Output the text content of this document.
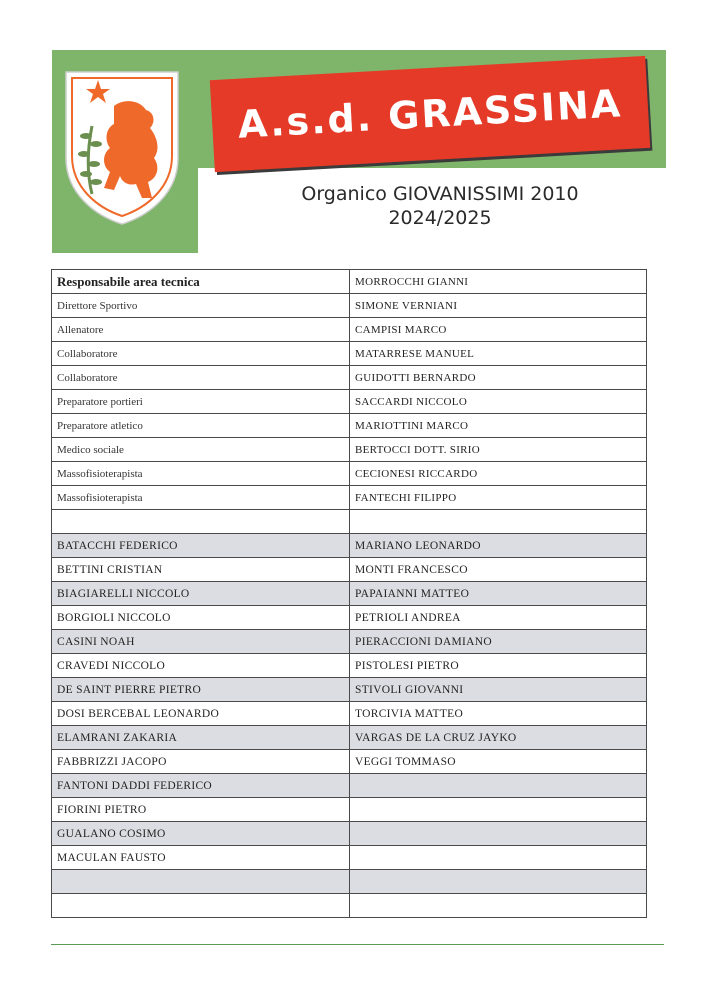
A.s.d. GRASSINA
Organico GIOVANISSIMI 2010
2024/2025
Responsabile area tecnica	MORROCCHI GIANNI
Direttore Sportivo	SIMONE VERNIANI
Allenatore	CAMPISI MARCO
Collaboratore	MATARRESE MANUEL
Collaboratore	GUIDOTTI BERNARDO
Preparatore portieri	SACCARDI NICCOLO
Preparatore atletico	MARIOTTINI MARCO
Medico sociale	BERTOCCI DOTT. SIRIO
Massofisioterapista	CECIONESI RICCARDO
Massofisioterapista	FANTECHI FILIPPO

BATACCHI FEDERICO	MARIANO LEONARDO
BETTINI CRISTIAN	MONTI FRANCESCO
BIAGIARELLI NICCOLO	PAPAIANNI MATTEO
BORGIOLI NICCOLO	PETRIOLI ANDREA
CASINI NOAH	PIERACCIONI DAMIANO
CRAVEDI NICCOLO	PISTOLESI PIETRO
DE SAINT PIERRE PIETRO	STIVOLI GIOVANNI
DOSI BERCEBAL LEONARDO	TORCIVIA MATTEO
ELAMRANI ZAKARIA	VARGAS DE LA CRUZ JAYKO
FABBRIZZI JACOPO	VEGGI TOMMASO
FANTONI DADDI FEDERICO	
FIORINI PIETRO	
GUALANO COSIMO	
MACULAN FAUSTO	
